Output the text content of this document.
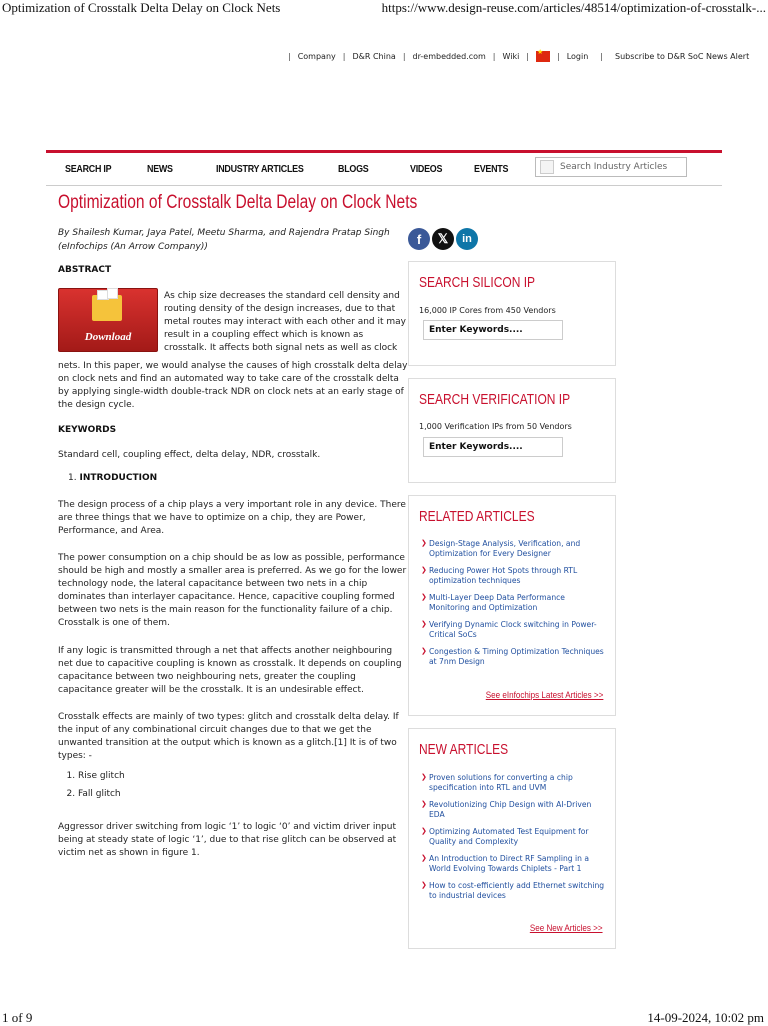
Optimization of Crosstalk Delta Delay on Clock Nets	https://www.design-reuse.com/articles/48514/optimization-of-crosstalk-...
| Company | D&R China | dr-embedded.com | Wiki |
★	| Login | Subscribe to D&R SoC News Alert
SEARCH IP	NEWS	INDUSTRY ARTICLES	BLOGS	VIDEOS	EVENTS	Search Industry Articles
Optimization of Crosstalk Delta Delay on Clock Nets
By Shailesh Kumar, Jaya Patel, Meetu Sharma, and Rajendra Pratap Singh (eInfochips (An Arrow Company))
f	𝕏	in
ABSTRACT
Download
As chip size decreases the standard cell density and
routing density of the design increases, due to that
metal routes may interact with each other and it may
result in a coupling effect which is known as
crosstalk. It affects both signal nets as well as clock
nets. In this paper, we would analyse the causes of high crosstalk delta delay on clock nets and find an automated way to take care of the crosstalk delta by applying single-width double-track NDR on clock nets at an early stage of the design cycle.
KEYWORDS
Standard cell, coupling effect, delta delay, NDR, crosstalk.
1. INTRODUCTION
The design process of a chip plays a very important role in any device. There are three things that we have to optimize on a chip, they are Power, Performance, and Area.
The power consumption on a chip should be as low as possible, performance should be high and mostly a smaller area is preferred. As we go for the lower technology node, the lateral capacitance between two nets in a chip dominates than interlayer capacitance. Hence, capacitive coupling formed between two nets is the main reason for the functionality failure of a chip. Crosstalk is one of them.
If any logic is transmitted through a net that affects another neighbouring net due to capacitive coupling is known as crosstalk. It depends on coupling capacitance between two neighbouring nets, greater the coupling capacitance greater will be the crosstalk. It is an undesirable effect.
Crosstalk effects are mainly of two types: glitch and crosstalk delta delay. If the input of any combinational circuit changes due to that we get the unwanted transition at the output which is known as a glitch.[1] It is of two types: -
1. Rise glitch
2. Fall glitch
Aggressor driver switching from logic ‘1’ to logic ‘0’ and victim driver input being at steady state of logic ‘1’, due to that rise glitch can be observed at victim net as shown in figure 1.
SEARCH SILICON IP
16,000 IP Cores from 450 Vendors
Enter Keywords....
SEARCH VERIFICATION IP
1,000 Verification IPs from 50 Vendors
Enter Keywords....
RELATED ARTICLES
❯ Design-Stage Analysis, Verification, and Optimization for Every Designer
❯ Reducing Power Hot Spots through RTL optimization techniques
❯ Multi-Layer Deep Data Performance Monitoring and Optimization
❯ Verifying Dynamic Clock switching in Power-Critical SoCs
❯ Congestion & Timing Optimization Techniques at 7nm Design
See eInfochips Latest Articles >>
NEW ARTICLES
❯ Proven solutions for converting a chip specification into RTL and UVM
❯ Revolutionizing Chip Design with AI-Driven EDA
❯ Optimizing Automated Test Equipment for Quality and Complexity
❯ An Introduction to Direct RF Sampling in a World Evolving Towards Chiplets - Part 1
❯ How to cost-efficiently add Ethernet switching to industrial devices
See New Articles >>
1 of 9	14-09-2024, 10:02 pm
